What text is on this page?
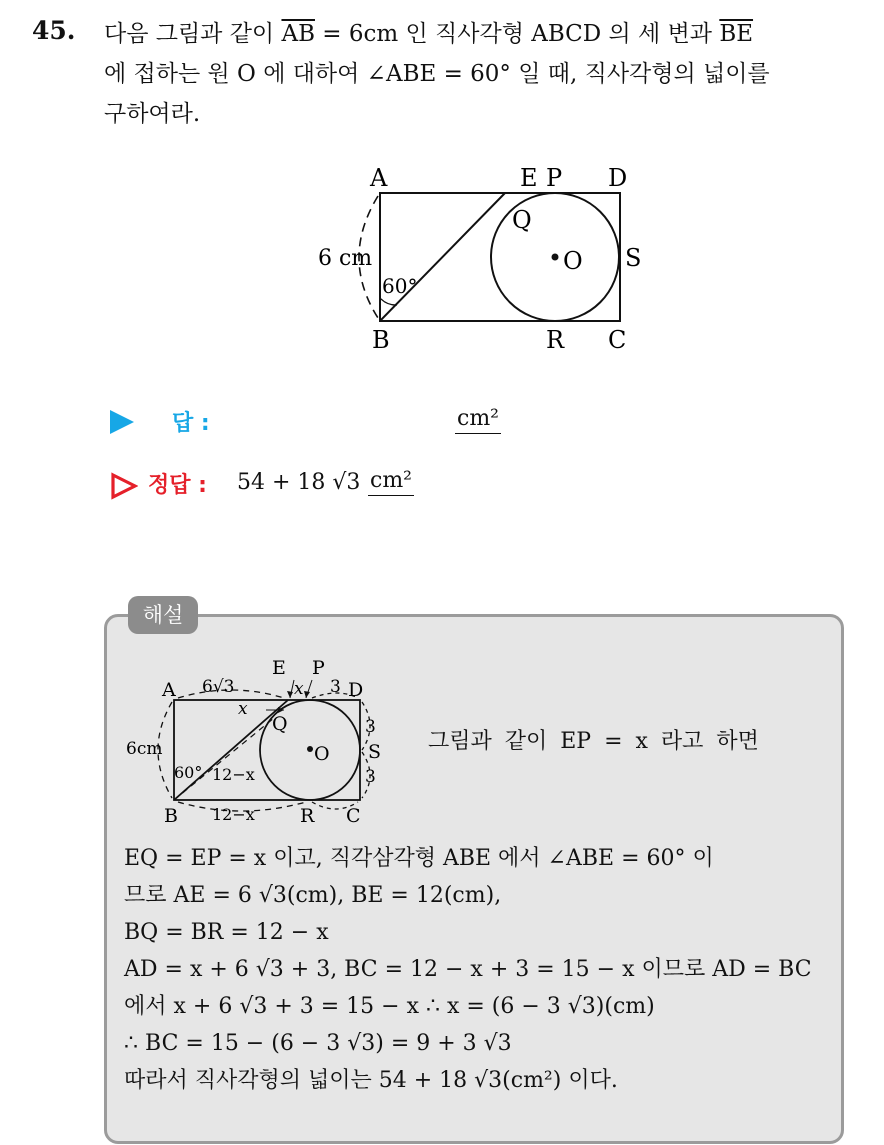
45. 다음 그림과 같이 $\overline{AB} = 6cm$ 인 직사각형 ABCD 의 세 변과 $\overline{BE}$
에 접하는 원 O 에 대하여 ∠ABE = 60° 일 때, 직사각형의 넓이를
구하여라.
A
B	C
D
E P
Q
R
S
O
6 cm
60°
답 :	cm²
정답 : 54 + 18 √3 cm²
해설
A
B	C
D
E P
Q
R
S
O
6√3	x 3
x
3
3
6cm
60° 12−x
12−x
그림과 같이 EP = x 라고 하면
EQ = EP = x 이고, 직각삼각형 ABE 에서 ∠ABE = 60° 이
므로 AE = 6 √3(cm), BE = 12(cm),
BQ = BR = 12 − x
AD = x + 6 √3 + 3, BC = 12 − x + 3 = 15 − x 이므로 AD = BC
에서 x + 6 √3 + 3 = 15 − x ∴ x = (6 − 3 √3)(cm)
∴ BC = 15 − (6 − 3 √3) = 9 + 3 √3
따라서 직사각형의 넓이는 54 + 18 √3(cm²) 이다.
